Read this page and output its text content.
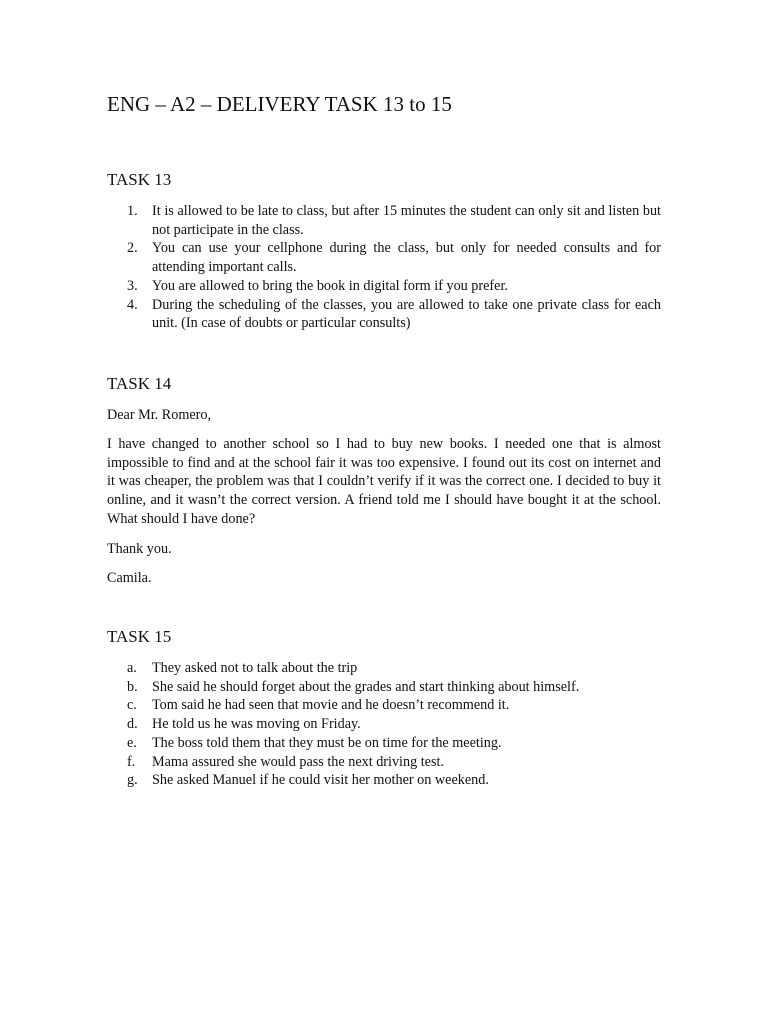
ENG – A2 – DELIVERY TASK 13 to 15
TASK 13
1. It is allowed to be late to class, but after 15 minutes the student can only sit and listen but not participate in the class.
2. You can use your cellphone during the class, but only for needed consults and for attending important calls.
3. You are allowed to bring the book in digital form if you prefer.
4. During the scheduling of the classes, you are allowed to take one private class for each unit. (In case of doubts or particular consults)
TASK 14

Dear Mr. Romero,

I have changed to another school so I had to buy new books. I needed one that is almost impossible to find and at the school fair it was too expensive. I found out its cost on internet and it was cheaper, the problem was that I couldn’t verify if it was the correct one. I decided to buy it online, and it wasn’t the correct version. A friend told me I should have bought it at the school. What should I have done?

Thank you.

Camila.

TASK 15
a. They asked not to talk about the trip
b. She said he should forget about the grades and start thinking about himself.
c. Tom said he had seen that movie and he doesn’t recommend it.
d. He told us he was moving on Friday.
e. The boss told them that they must be on time for the meeting.
f. Mama assured she would pass the next driving test.
g. She asked Manuel if he could visit her mother on weekend.
